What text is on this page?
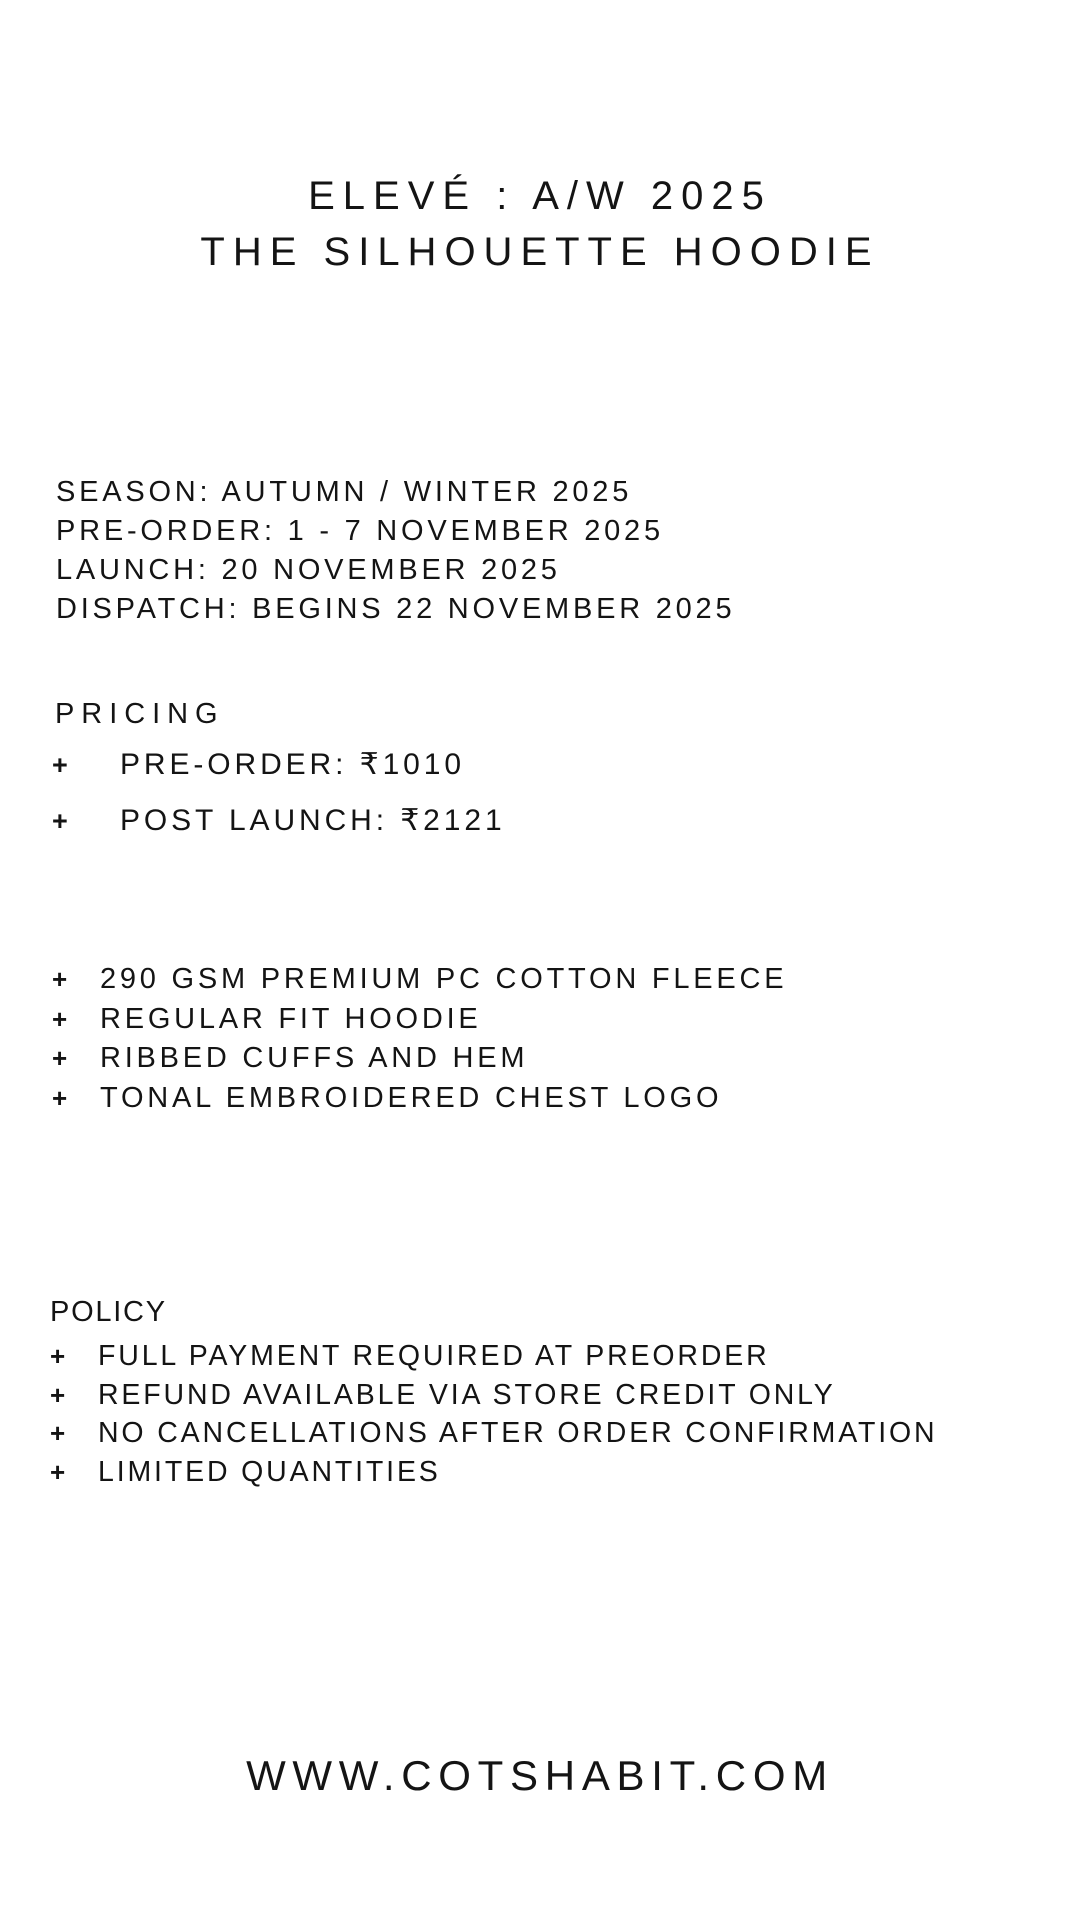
ELEVÉ : A/W 2025
THE SILHOUETTE HOODIE
SEASON: AUTUMN / WINTER 2025
PRE-ORDER: 1 - 7 NOVEMBER 2025
LAUNCH: 20 NOVEMBER 2025
DISPATCH: BEGINS 22 NOVEMBER 2025
PRICING
+ PRE-ORDER: ₹1010
+ POST LAUNCH: ₹2121
+ 290 GSM PREMIUM PC COTTON FLEECE
+ REGULAR FIT HOODIE
+ RIBBED CUFFS AND HEM
+ TONAL EMBROIDERED CHEST LOGO
POLICY
+ FULL PAYMENT REQUIRED AT PREORDER
+ REFUND AVAILABLE VIA STORE CREDIT ONLY
+ NO CANCELLATIONS AFTER ORDER CONFIRMATION
+ LIMITED QUANTITIES
WWW.COTSHABIT.COM
